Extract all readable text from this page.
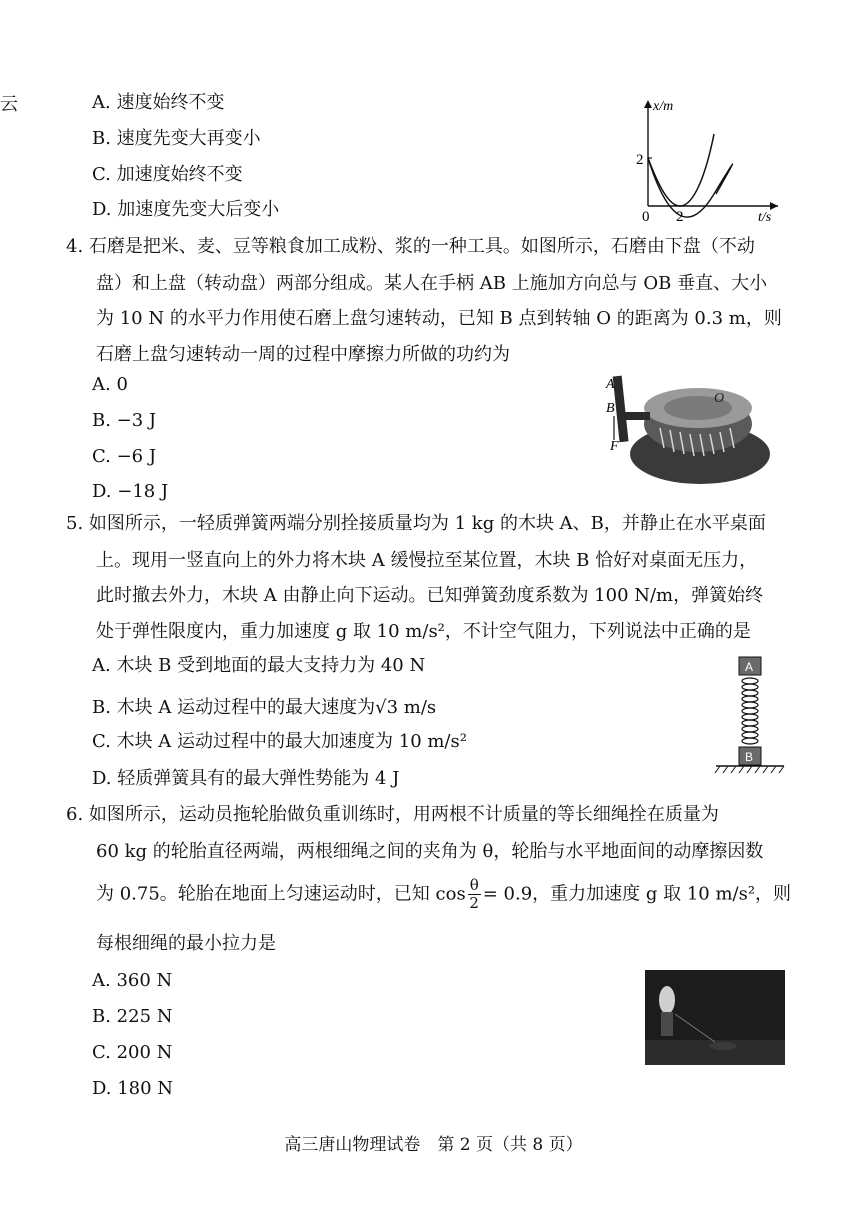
云	A. 速度始终不变
B. 速度先变大再变小
C. 加速度始终不变
D. 加速度先变大后变小
2
x/m
0 2	t/s
4. 石磨是把米、麦、豆等粮食加工成粉、浆的一种工具。如图所示，石磨由下盘（不动
盘）和上盘（转动盘）两部分组成。某人在手柄 AB 上施加方向总与 OB 垂直、大小
为 10 N 的水平力作用使石磨上盘匀速转动，已知 B 点到转轴 O 的距离为 0.3 m，则
石磨上盘匀速转动一周的过程中摩擦力所做的功约为
A. 0
B. −3 J
C. −6 J
D. −18 J
A
B
F
O
5. 如图所示，一轻质弹簧两端分别拴接质量均为 1 kg 的木块 A、B，并静止在水平桌面
上。现用一竖直向上的外力将木块 A 缓慢拉至某位置，木块 B 恰好对桌面无压力，
此时撤去外力，木块 A 由静止向下运动。已知弹簧劲度系数为 100 N/m，弹簧始终
处于弹性限度内，重力加速度 g 取 10 m/s²，不计空气阻力，下列说法中正确的是
A. 木块 B 受到地面的最大支持力为 40 N
B. 木块 A 运动过程中的最大速度为√3 m/s
C. 木块 A 运动过程中的最大加速度为 10 m/s²
D. 轻质弹簧具有的最大弹性势能为 4 J
A
B
6. 如图所示，运动员拖轮胎做负重训练时，用两根不计质量的等长细绳拴在质量为
60 kg 的轮胎直径两端，两根细绳之间的夹角为 θ，轮胎与水平地面间的动摩擦因数
为 0.75。轮胎在地面上匀速运动时，已知 $\cos \frac{\theta}{2} = 0.9$，重力加速度 g 取 10 m/s²，则
每根细绳的最小拉力是
A. 360 N
B. 225 N
C. 200 N
D. 180 N
高三唐山物理试卷　第 2 页（共 8 页）
